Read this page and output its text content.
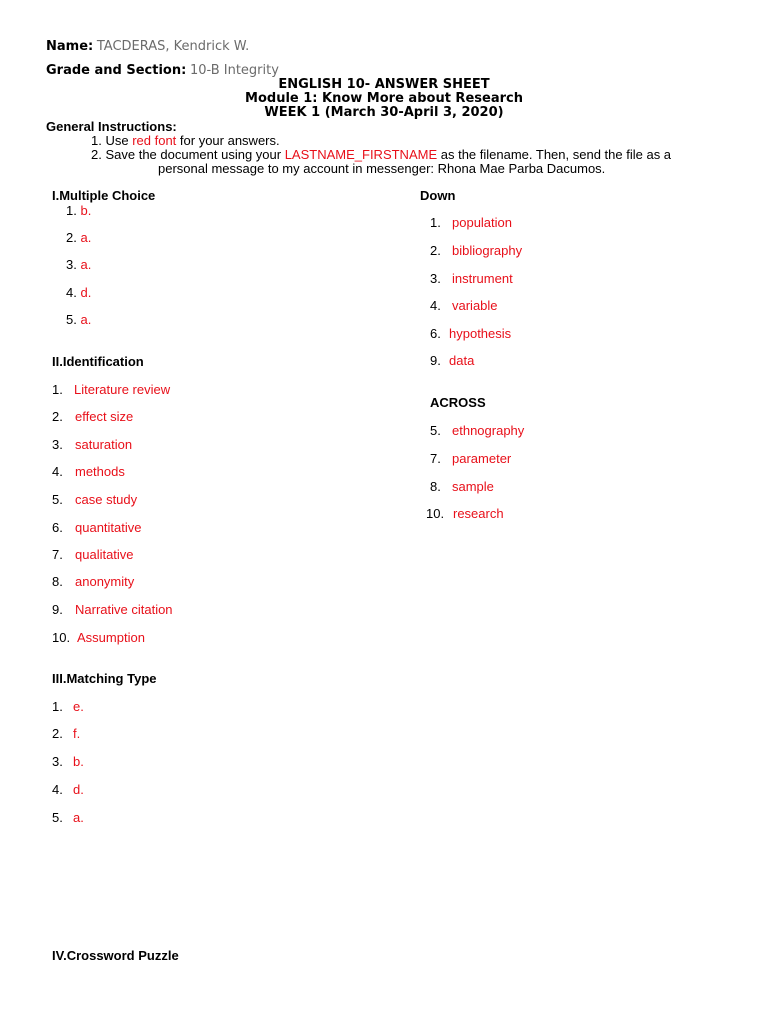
Name: TACDERAS, Kendrick W.
Grade and Section: 10-B Integrity
ENGLISH 10- ANSWER SHEET
Module 1: Know More about Research
WEEK 1 (March 30-April 3, 2020)
General Instructions:
1. Use red font for your answers.
2. Save the document using your LASTNAME_FIRSTNAME as the filename. Then, send the file as a
personal message to my account in messenger: Rhona Mae Parba Dacumos.
I.Multiple Choice
1. b.
2. a.
3. a.
4. d.
5. a.
II.Identification
1. Literature review
2. effect size
3. saturation
4. methods
5. case study
6. quantitative
7. qualitative
8. anonymity
9. Narrative citation
10. Assumption
III.Matching Type
1. e.
2. f.
3. b.
4. d.
5. a.
IV.Crossword Puzzle
Down
1. population
2. bibliography
3. instrument
4. variable
6. hypothesis
9. data
ACROSS
5. ethnography
7. parameter
8. sample
10. research
